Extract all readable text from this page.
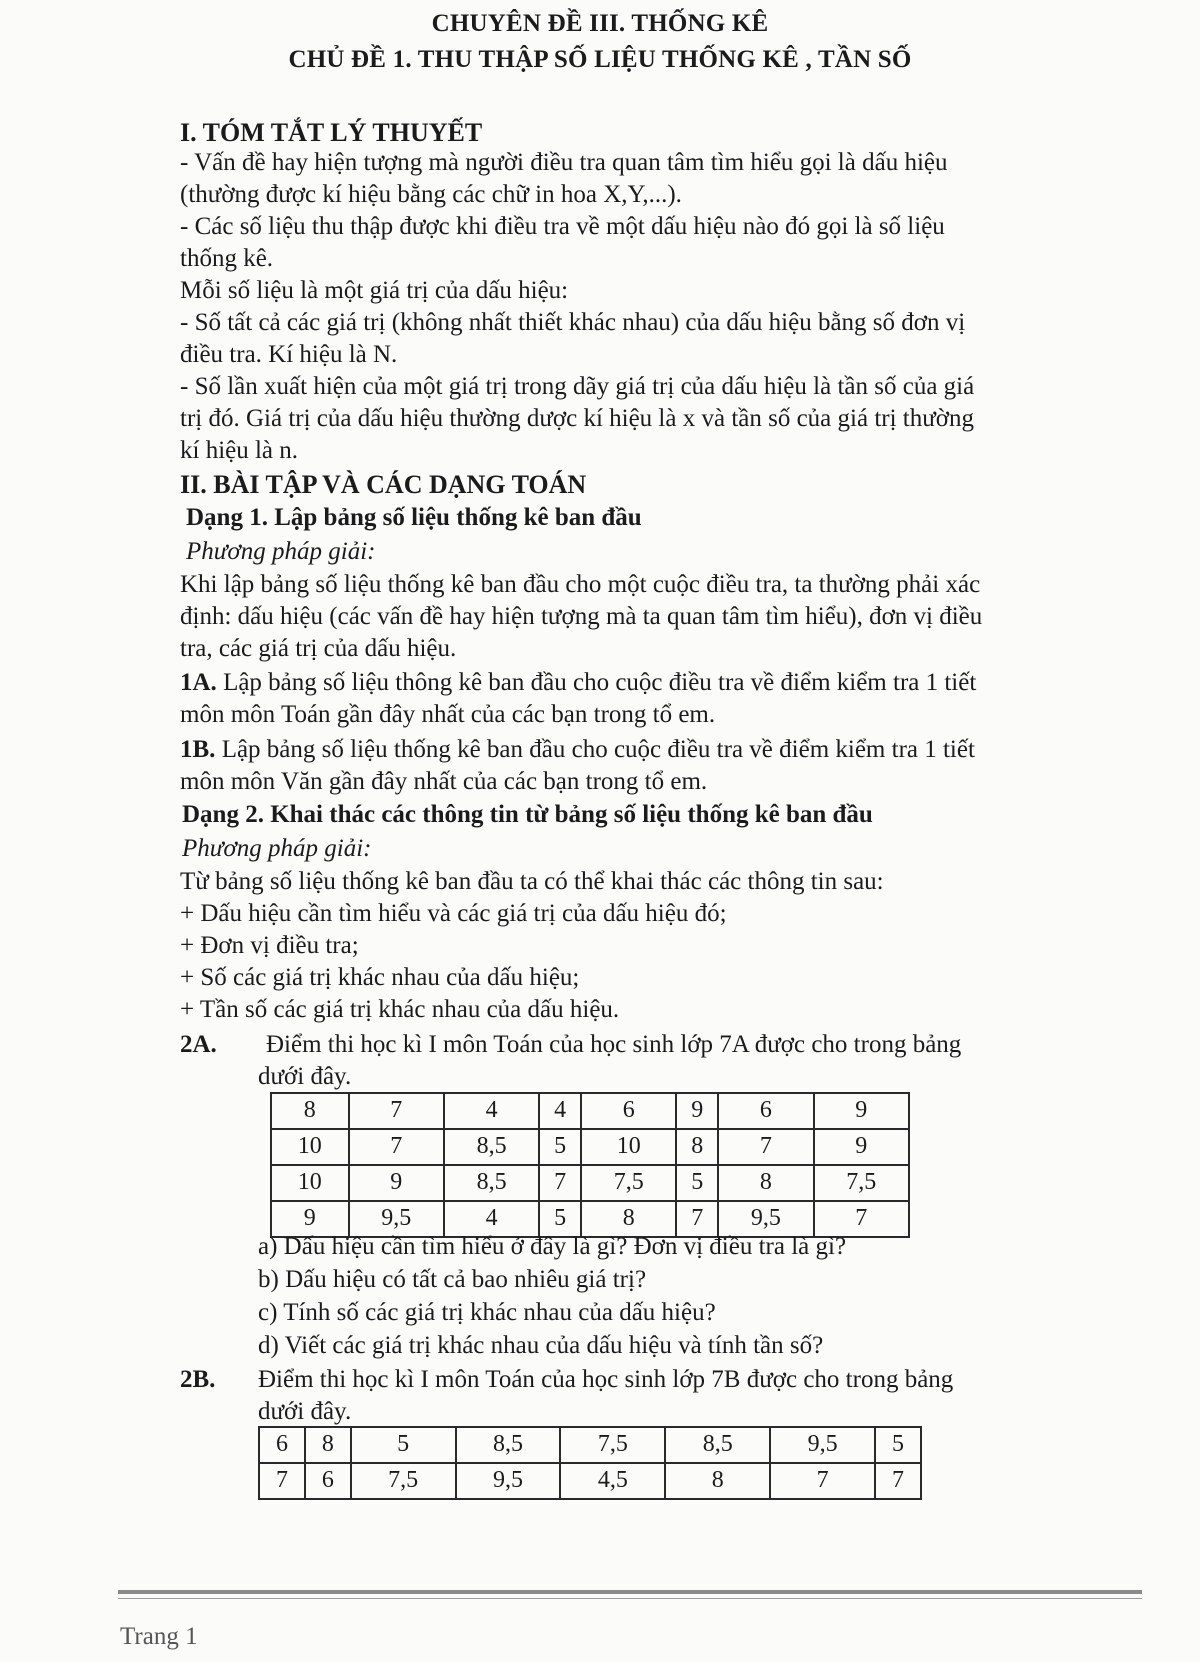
CHUYÊN ĐỀ III. THỐNG KÊ

CHỦ ĐỀ 1. THU THẬP SỐ LIỆU THỐNG KÊ , TẦN SỐ

I. TÓM TẮT LÝ THUYẾT
- Vấn đề hay hiện tượng mà người điều tra quan tâm tìm hiểu gọi là dấu hiệu
(thường được kí hiệu bằng các chữ in hoa X,Y,...).
- Các số liệu thu thập được khi điều tra về một dấu hiệu nào đó gọi là số liệu
thống kê.
Mỗi số liệu là một giá trị của dấu hiệu:
- Số tất cả các giá trị (không nhất thiết khác nhau) của dấu hiệu bằng số đơn vị
điều tra. Kí hiệu là N.
- Số lần xuất hiện của một giá trị trong dãy giá trị của dấu hiệu là tần số của giá
trị đó. Giá trị của dấu hiệu thường dược kí hiệu là x và tần số của giá trị thường
kí hiệu là n.
II. BÀI TẬP VÀ CÁC DẠNG TOÁN
Dạng 1. Lập bảng số liệu thống kê ban đầu
Phương pháp giải:
Khi lập bảng số liệu thống kê ban đầu cho một cuộc điều tra, ta thường phải xác
định: dấu hiệu (các vấn đề hay hiện tượng mà ta quan tâm tìm hiểu), đơn vị điều
tra, các giá trị của dấu hiệu.
1A. Lập bảng số liệu thông kê ban đầu cho cuộc điều tra về điểm kiểm tra 1 tiết
môn môn Toán gần đây nhất của các bạn trong tổ em.
1B. Lập bảng số liệu thống kê ban đầu cho cuộc điều tra về điểm kiểm tra 1 tiết
môn môn Văn gần đây nhất của các bạn trong tổ em.
Dạng 2. Khai thác các thông tin từ bảng số liệu thống kê ban đầu
Phương pháp giải:
Từ bảng số liệu thống kê ban đầu ta có thể khai thác các thông tin sau:
+ Dấu hiệu cần tìm hiểu và các giá trị của dấu hiệu đó;
+ Đơn vị điều tra;
+ Số các giá trị khác nhau của dấu hiệu;
+ Tần số các giá trị khác nhau của dấu hiệu.
2A. Điểm thi học kì I môn Toán của học sinh lớp 7A được cho trong bảng
dưới đây.
8	7	4	4	6	9	6	9
10	7	8,5	5	10	8	7	9
10	9	8,5	7	7,5	5	8	7,5
9	9,5	4	5	8	7	9,5	7
a) Dấu hiệu cần tìm hiểu ở đây là gì? Đơn vị điều tra là gì?
b) Dấu hiệu có tất cả bao nhiêu giá trị?
c) Tính số các giá trị khác nhau của dấu hiệu?
d) Viết các giá trị khác nhau của dấu hiệu và tính tần số?
2B. Điểm thi học kì I môn Toán của học sinh lớp 7B được cho trong bảng
dưới đây.
6	8	5	8,5	7,5	8,5	9,5	5
7	6	7,5	9,5	4,5	8	7	7
Trang 1
